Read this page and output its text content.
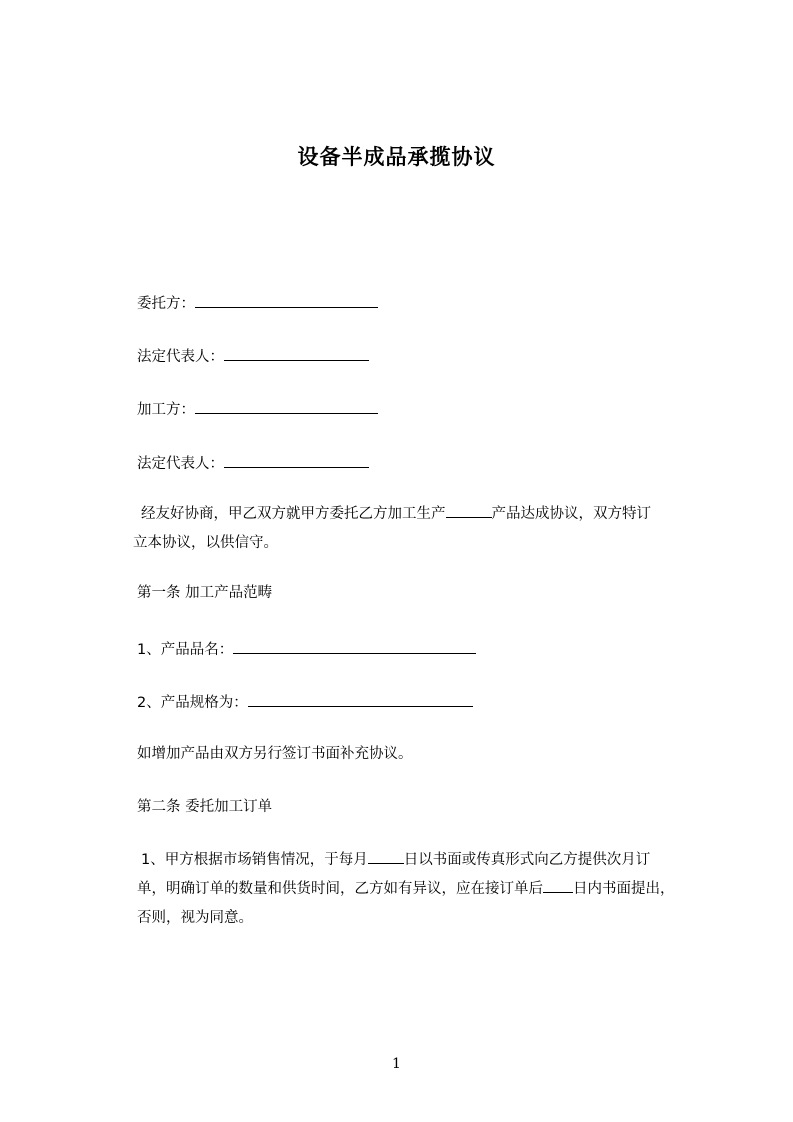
设备半成品承揽协议
委托方：
法定代表人：
加工方：
法定代表人：
经友好协商，甲乙双方就甲方委托乙方加工生产	产品达成协议，双方特订
立本协议，以供信守。
第一条 加工产品范畴
1、产品品名：
2、产品规格为：
如增加产品由双方另行签订书面补充协议。
第二条 委托加工订单
1、甲方根据市场销售情况，于每月 日以书面或传真形式向乙方提供次月订
单，明确订单的数量和供货时间，乙方如有异议，应在接订单后 日内书面提出，
否则，视为同意。
1
